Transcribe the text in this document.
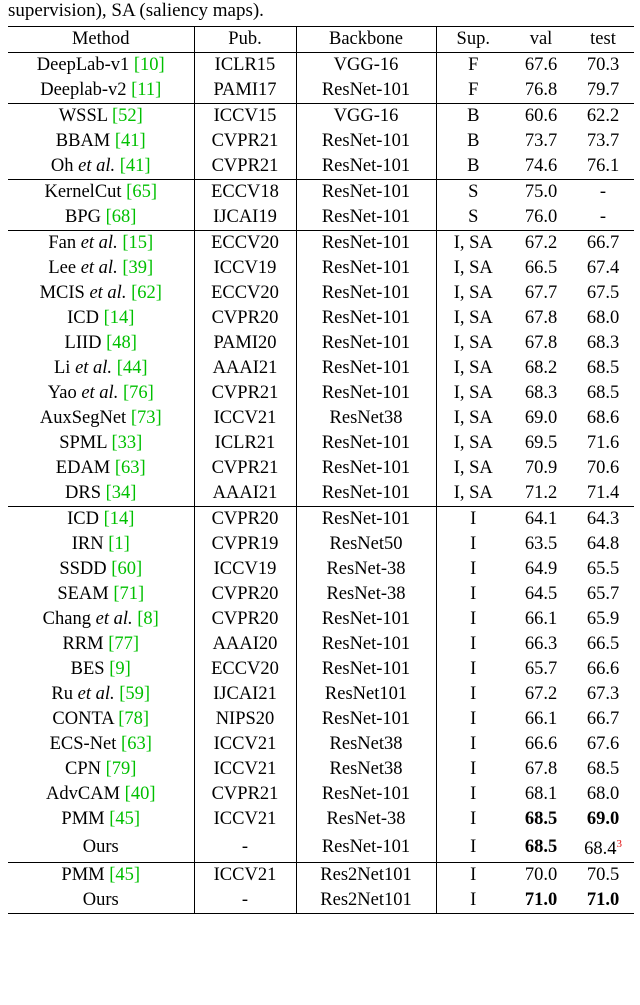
supervision), SA (saliency maps).
Method	Pub.	Backbone	Sup.	val	test
DeepLab-v1 [10]	ICLR15	VGG-16	F	67.6	70.3
Deeplab-v2 [11]	PAMI17	ResNet-101	F	76.8	79.7
WSSL [52]	ICCV15	VGG-16	B	60.6	62.2
BBAM [41]	CVPR21	ResNet-101	B	73.7	73.7
Oh et al. [41]	CVPR21	ResNet-101	B	74.6	76.1
KernelCut [65]	ECCV18	ResNet-101	S	75.0	-
BPG [68]	IJCAI19	ResNet-101	S	76.0	-
Fan et al. [15]	ECCV20	ResNet-101	I, SA	67.2	66.7
Lee et al. [39]	ICCV19	ResNet-101	I, SA	66.5	67.4
MCIS et al. [62]	ECCV20	ResNet-101	I, SA	67.7	67.5
ICD [14]	CVPR20	ResNet-101	I, SA	67.8	68.0
LIID [48]	PAMI20	ResNet-101	I, SA	67.8	68.3
Li et al. [44]	AAAI21	ResNet-101	I, SA	68.2	68.5
Yao et al. [76]	CVPR21	ResNet-101	I, SA	68.3	68.5
AuxSegNet [73]	ICCV21	ResNet38	I, SA	69.0	68.6
SPML [33]	ICLR21	ResNet-101	I, SA	69.5	71.6
EDAM [63]	CVPR21	ResNet-101	I, SA	70.9	70.6
DRS [34]	AAAI21	ResNet-101	I, SA	71.2	71.4
ICD [14]	CVPR20	ResNet-101	I	64.1	64.3
IRN [1]	CVPR19	ResNet50	I	63.5	64.8
SSDD [60]	ICCV19	ResNet-38	I	64.9	65.5
SEAM [71]	CVPR20	ResNet-38	I	64.5	65.7
Chang et al. [8]	CVPR20	ResNet-101	I	66.1	65.9
RRM [77]	AAAI20	ResNet-101	I	66.3	66.5
BES [9]	ECCV20	ResNet-101	I	65.7	66.6
Ru et al. [59]	IJCAI21	ResNet101	I	67.2	67.3
CONTA [78]	NIPS20	ResNet-101	I	66.1	66.7
ECS-Net [63]	ICCV21	ResNet38	I	66.6	67.6
CPN [79]	ICCV21	ResNet38	I	67.8	68.5
AdvCAM [40]	CVPR21	ResNet-101	I	68.1	68.0
PMM [45]	ICCV21	ResNet-38	I	68.5	69.0
Ours	-	ResNet-101	I	68.5	68.4$^3$
PMM [45]	ICCV21	Res2Net101	I	70.0	70.5
Ours	-	Res2Net101	I	71.0	71.0
